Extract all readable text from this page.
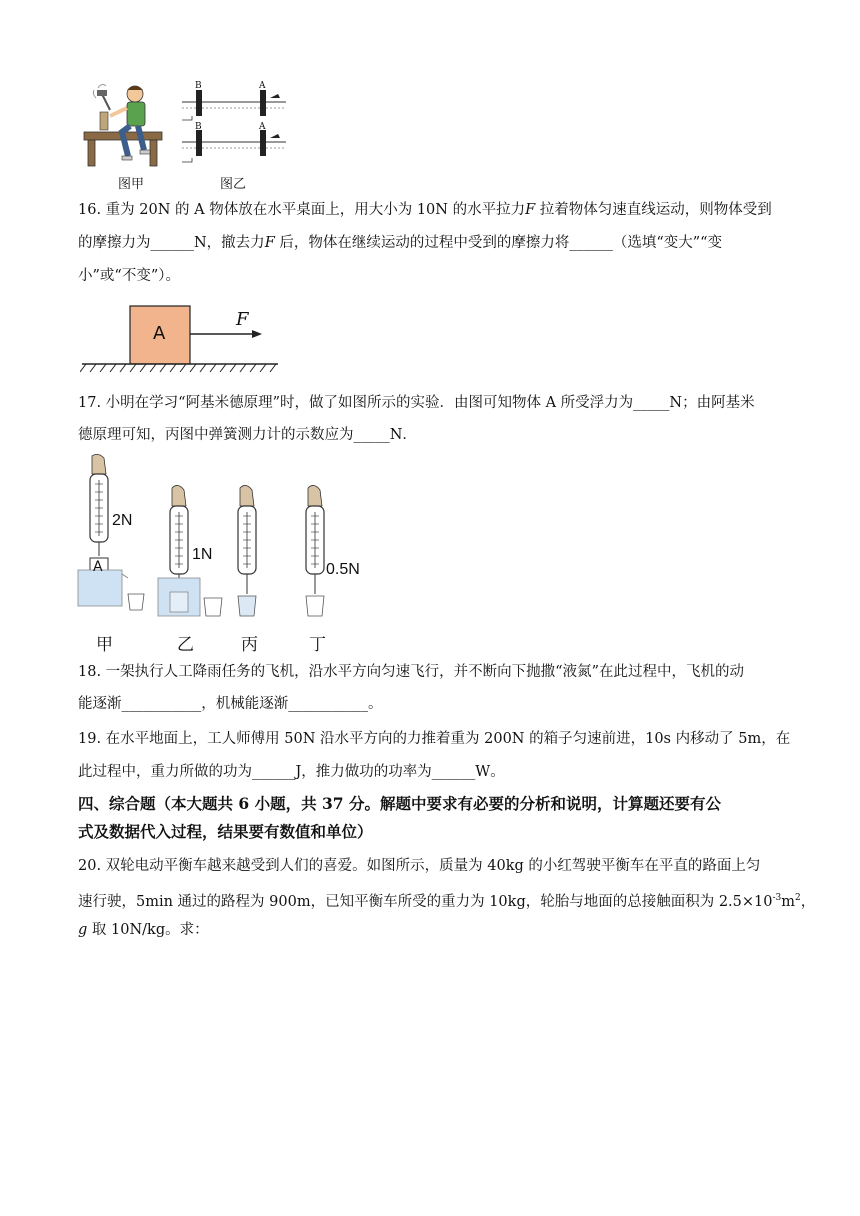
图甲
B	A
B	A
图乙
16. 重为 20N 的 A 物体放在水平桌面上，用大小为 10N 的水平拉力F 拉着物体匀速直线运动，则物体受到
的摩擦力为______N，撤去力F 后，物体在继续运动的过程中受到的摩擦力将______（选填“变大”“变
小”或“不变”）。
A
F
17. 小明在学习“阿基米德原理”时，做了如图所示的实验．由图可知物体 A 所受浮力为_____N；由阿基米
德原理可知，丙图中弹簧测力计的示数应为_____N．
2N
1N
0.5N
A
甲	乙	丙	丁
18. 一架执行人工降雨任务的飞机，沿水平方向匀速飞行，并不断向下抛撒“液氮”在此过程中，飞机的动
能逐渐___________，机械能逐渐___________。
19. 在水平地面上，工人师傅用 50N 沿水平方向的力推着重为 200N 的箱子匀速前进，10s 内移动了 5m，在
此过程中，重力所做的功为______J，推力做功的功率为______W。
四、综合题（本大题共 6 小题，共 37 分。解题中要求有必要的分析和说明，计算题还要有公
式及数据代入过程，结果要有数值和单位）
20. 双轮电动平衡车越来越受到人们的喜爱。如图所示，质量为 40kg 的小红驾驶平衡车在平直的路面上匀
速行驶，5min 通过的路程为 900m，已知平衡车所受的重力为 10kg，轮胎与地面的总接触面积为 $2.5\times 10^{-3}m^2$，
g 取 10N/kg。求：
